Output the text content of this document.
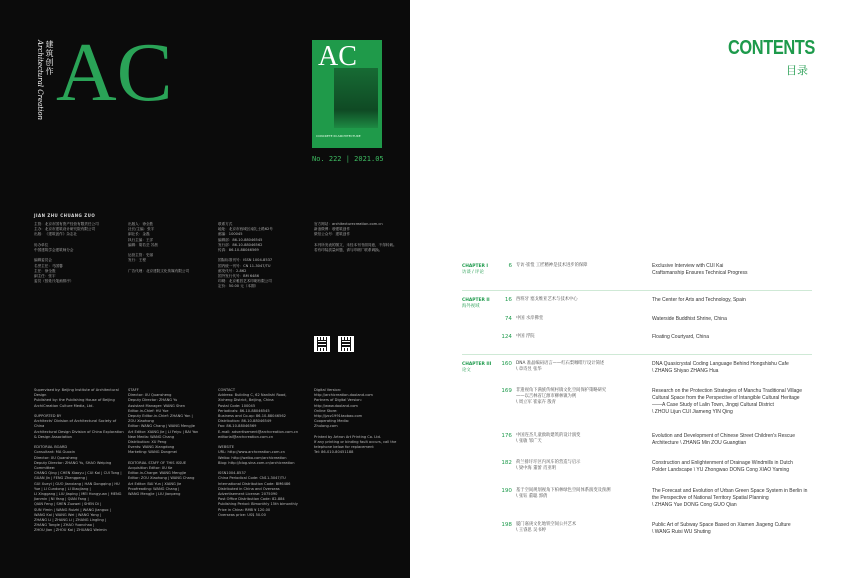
AC
建筑创作
Architectural Creation	AC
CONCRETE IN ARCHITECTURE
No. 222 | 2021.05
JIAN ZHU CHUANG ZUO
主管：北京市国有资产经营有限责任公司
主办：北京市建筑设计研究院有限公司
出版：《建筑创作》杂志社

协办单位
中国建筑学会建筑师分会

编辑委员会
名誉主任：马国馨
主任：徐全胜
副主任：张宇
委员（按姓氏笔画排序）
出版人：徐全胜
社长/主编：张宇
副社长：金磊
执行主编：王洋
编辑：胡若芸 苏晨

运营主管：史丽
发行：王程

广告代理：北京建院文化传媒有限公司
联系方式
地址：北京市西城区南礼士路62号
邮编：100045
编辑部：86-10-88046545
发行部：86-10-88046562
传真：86-10-88046569

国际标准刊号：ISSN 1004-8537
国内统一刊号：CN 11-3047/TU
邮发代号：2-862
国外发行代号：BM 6486
印刷：北京雅昌艺术印刷有限公司
定价：50.00 元（本期）
官方网站：architecturecreation.com.cn
新浪微博：@建筑创作
微信公众号：建筑创作

本刊所发表的图文，未经本刊书面同意，不得转载。
若有印装质量问题，请与印刷厂联系调换。
Supervised by: Beijing Institute of Architectural Design
Published by: the Publishing House of Beijing ArchiCreation Culture Media, Ltd.

SUPPORTED BY
Architects' Division of Architectural Society of China
Architectural Design Division of China Exploration & Design Association

EDITORIAL BOARD
Consultant: MA Guoxin
Director: XU Quansheng
Deputy Director: ZHANG Yu, SHAO Weiping
Committee:
CHANG Qing | CHEN Xiaoyu | CUI Kai | CUI Tong | GUAN Jin | FENG Zhengpeng |
GUI Xueyi | GUO Jianxiang | HAN Dongqing | HU Yue | LI Cundong | LI Xiaojiang |
LI Xinggang | LIU Jiaping | MEI Hongyuan | MENG Jianmin | NI Yang | QIAN Fang |
QIAN Feng | SHEN Zuowei | SHEN Di |
SUN Yimin | WANG Ruizhi | WANG Jianguo |
WANG Kai | WANG Wei | WANG Yong |
ZHANG Li | ZHANG Li | ZHANG Lingling |
ZHANG Tongle | ZHAO Yuanchao |
ZHOU Jian | ZHOU Kai | ZHUANG Weimin
STAFF
Director: XU Quansheng
Deputy Director: ZHANG Yu
Assistant Manager: WANG Shen
Editor-in-Chief: HU Yue
Deputy Editor-in-Chief: ZHANG Yan |
ZOU Xiaohong
Editor: WANG Chang | WANG Mengjie
Art Editor: XIANG Jie | LI Feiyu | BAI Yan
New Media: WANG Chang
Distribution: XU Peng
Events: WANG Xiangdong
Marketing: WANG Dongmei

EDITORIAL STAFF OF THIS ISSUE
Acquisition Editor: XU Ke
Editor-in-Charge: WANG Mengjie
Editor: ZOU Xiaohong | WANG Chang
Art Editor: BAI Yun | XIANG Jie
Proofreading: WANG Chang |
WANG Mengjie | LIU Jianpeng
CONTACT
Address: Building C, 62 Nanlishi Road,
Xicheng District, Beijing, China
Postal Code: 100045
Periodicals: 86-10-88046545
Business and Co-op: 86-10-88046562
Distribution: 86-10-88046549
Fax: 86-10-88046569
E-mail: advertisement@archcreation.com.cn
editorial@archcreation.com.cn

WEBSITE
URL: http://www.archcreation.com.cn
Weibo: http://weibo.com/archicreation
Blog: http://blog.sina.com.cn/archicreation

ISSN1004-8537
China Periodical Code: CN11-3047/TU
International Distribution Code: BM6486
Distributed in China and Overseas
Advertisement License: 2075090
Post Office Distribution Code: 82-884
Publishing Period: Bimonthly 15th bimonthly
Price in China: RMB ¥ 120.00
Overseas price: US$ 50.00
Digital Version:
http://archicreation.dooland.com
Partners of Digital Version:
http://www.dooland.com
Online Store:
http://jzcz1991taobao.com
Cooperating Media:
Zhulong.com

Printed by Artron Art Printing Co. Ltd.
If any printing or binding fault occurs, call the telephone below for replacement
Tel: 86-010-80451188
CONTENTS
目录
CHAPTER I
访谈 / 评论
6 专访·崔愷 工匠精神是技术进步的保障	Exclusive Interview with CUI Kai
Craftsmanship Ensures Technical Progress
CHAPTER II
海外视域
16 西班牙 塞戈维亚艺术与技术中心	The Center for Arts and Technology, Spain
74 中国 水岸佛堂	Waterside Buddhist Shrine, China
124 中国 浮院	Floating Courtyard, China
CHAPTER III
论文
160 DNA 准晶编码语言——红石梨咖啡厅设计简述
\ 章诗昱 张华
DNA Quasicrystal Coding Language Behind Hongshishu Cafe
\ ZHANG Shiyao ZHANG Hua
169 非遗视角下满族传统村镇文化空间保护策略研究
——以吉林省辽源市柳林镇为例
\ 周立军 崔家卉 殷青
Research on the Protection Strategies of Manchu Traditional Village
Cultural Space from the Perspective of Intangible Cultural Heritage
——A Case Study of Lalin Town, Jingqi Cultural District
\ ZHOU Lijun CUI Jiameng YIN Qing
176 中国连杰儿童救助建筑的设计演变
\ 张敏 邹广天
Evolution and Development of Chinese Street Children's Rescue
Architecture \ ZHANG Min ZOU Guangtian
182 荷兰排圩圩区内风车的营造与启示
\ 梁中海 董蕾 肖亚明
Construction and Enlightenment of Drainage Windmills in Dutch
Polder Landscape \ YU Zhongwao DONG Cong XIAO Yaming
190 基于空间规划视角下柏林绿色空间体系演变及预测
\ 张钰 董聪 郭倩
The Forecast and Evolution of Urban Green Space System in Berlin in
the Perspective of National Territory Spatial Planning
\ ZHANG Yue DONG Cong GUO Qian
198 厦门嘉庚文化地铁空间公共艺术
\ 王睿思 吴书婷
Public Art of Subway Space Based on Xiamen Jiageng Culture
\ WANG Ruisi WU Shuting
